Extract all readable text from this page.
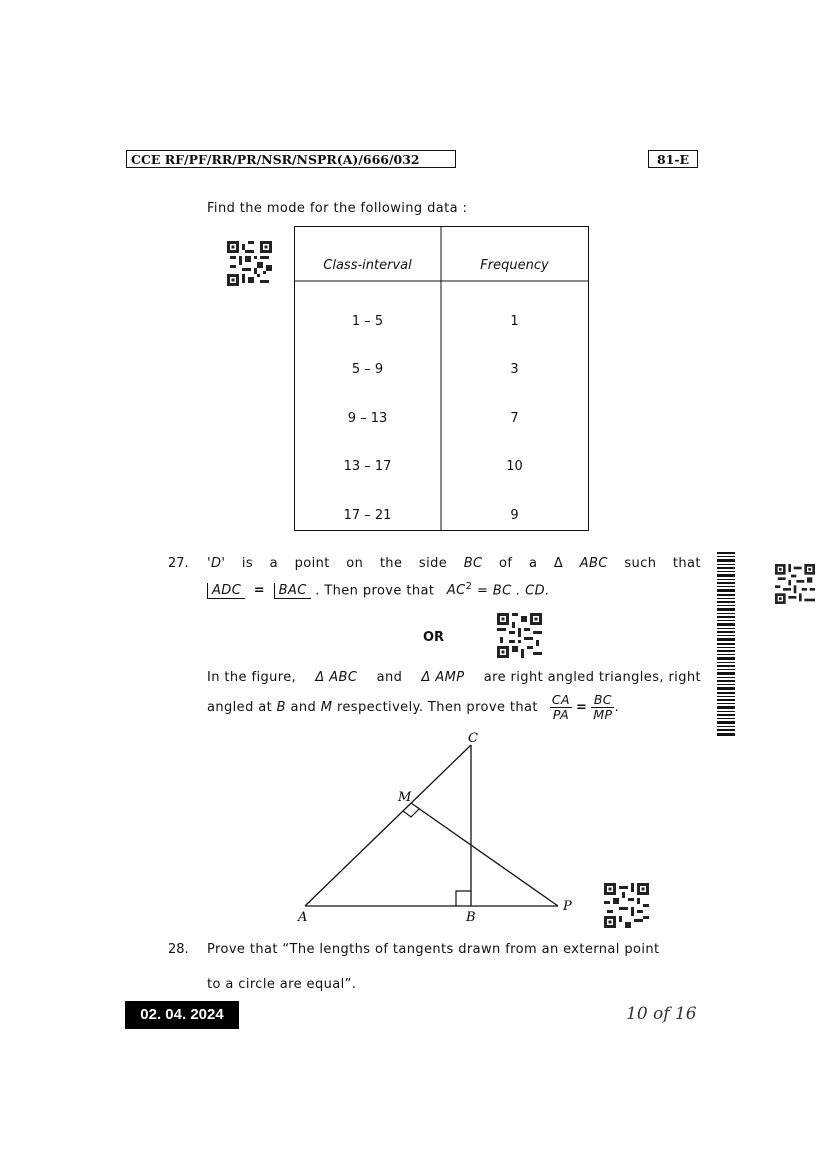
CCE RF/PF/RR/PR/NSR/NSPR(A)/666/032	81-E
Find the mode for the following data :
Class-interval	Frequency
1 – 5	1
5 – 9	3
9 – 13	7
13 – 17	10
17 – 21	9
27. 'D' is a point on the side BC of a Δ ABC such that
ADC = BAC . Then prove that $AC^2$ = BC . CD.
OR
In the figure, Δ ABC and Δ AMP are right angled triangles, right
angled at
B
and
M
respectively. Then prove that $\frac{CA}{PA} = \frac{BC}{MP}$ .
C
M
A	B
P
28. Prove that “The lengths of tangents drawn from an external point
to a circle are equal”.
02. 04. 2024	10 of 16
